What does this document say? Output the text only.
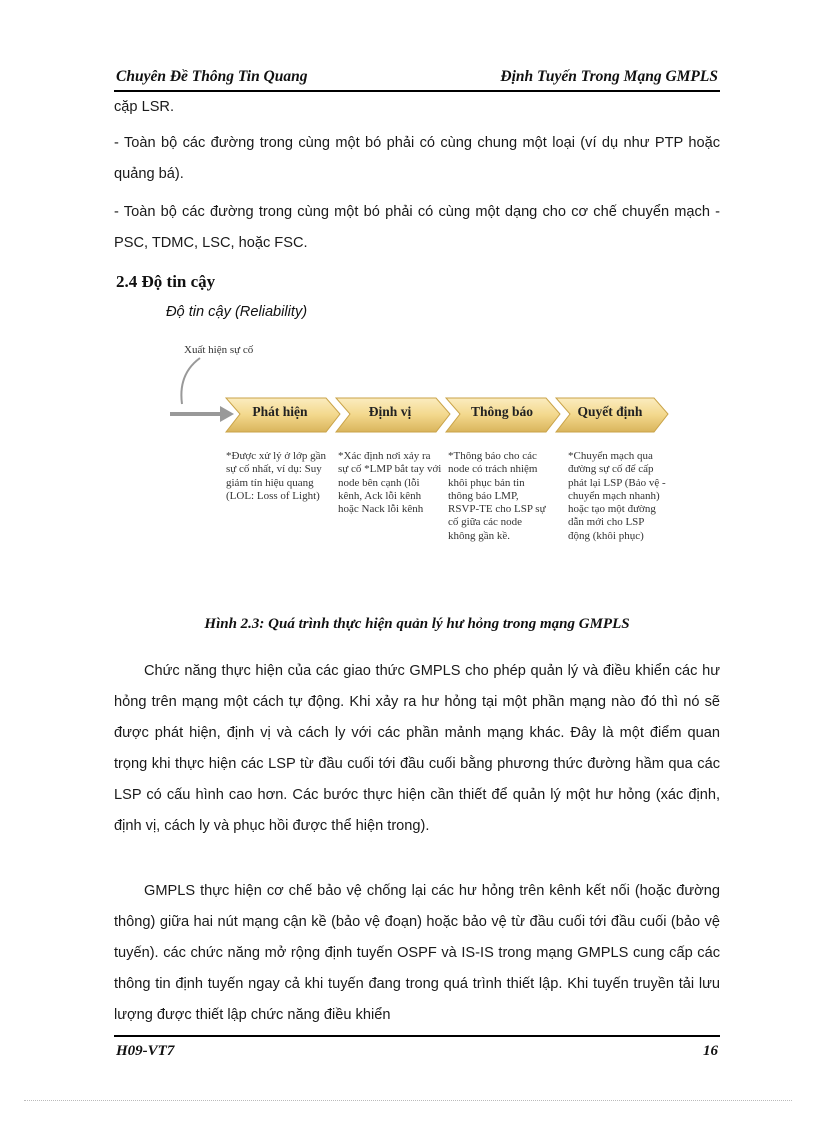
Chuyên Đề Thông Tin Quang	Định Tuyến Trong Mạng GMPLS

cặp LSR.

- Toàn bộ các đường trong cùng một bó phải có cùng chung một loại (ví dụ như PTP hoặc quảng bá).

- Toàn bộ các đường trong cùng một bó phải có cùng một dạng cho cơ chế chuyển mạch - PSC, TDMC, LSC, hoặc FSC.

2.4 Độ tin cậy

Độ tin cậy (Reliability)

Xuất hiện sự cố
Phát hiện	Định vị	Thông báo	Quyết định
*Được xử lý ở lớp gần sự cố nhất, ví dụ: Suy giảm tín hiệu quang (LOL: Loss of Light)
*Xác định nơi xảy ra sự cố *LMP bắt tay với node bên cạnh (lỗi kênh, Ack lỗi kênh hoặc Nack lỗi kênh
*Thông báo cho các node có trách nhiệm khôi phục bản tin thông báo LMP, RSVP-TE cho LSP sự cố giữa các node không gần kề.
*Chuyển mạch qua đường sự cố để cấp phát lại LSP (Bảo vệ - chuyển mạch nhanh) hoặc tạo một đường dẫn mới cho LSP động (khôi phục)

Hình 2.3: Quá trình thực hiện quản lý hư hỏng trong mạng GMPLS

Chức năng thực hiện của các giao thức GMPLS cho phép quản lý và điều khiển các hư hỏng trên mạng một cách tự động. Khi xảy ra hư hỏng tại một phần mạng nào đó thì nó sẽ được phát hiện, định vị và cách ly với các phần mảnh mạng khác. Đây là một điểm quan trọng khi thực hiện các LSP từ đầu cuối tới đầu cuối bằng phương thức đường hầm qua các LSP có cấu hình cao hơn. Các bước thực hiện cần thiết để quản lý một hư hỏng (xác định, định vị, cách ly và phục hồi được thể hiện trong).

GMPLS thực hiện cơ chế bảo vệ chống lại các hư hỏng trên kênh kết nối (hoặc đường thông) giữa hai nút mạng cận kề (bảo vệ đoạn) hoặc bảo vệ từ đầu cuối tới đầu cuối (bảo vệ tuyến). các chức năng mở rộng định tuyến OSPF và IS-IS trong mạng GMPLS cung cấp các thông tin định tuyến ngay cả khi tuyến đang trong quá trình thiết lập. Khi tuyến truyền tải lưu lượng được thiết lập chức năng điều khiển

H09-VT7	16
